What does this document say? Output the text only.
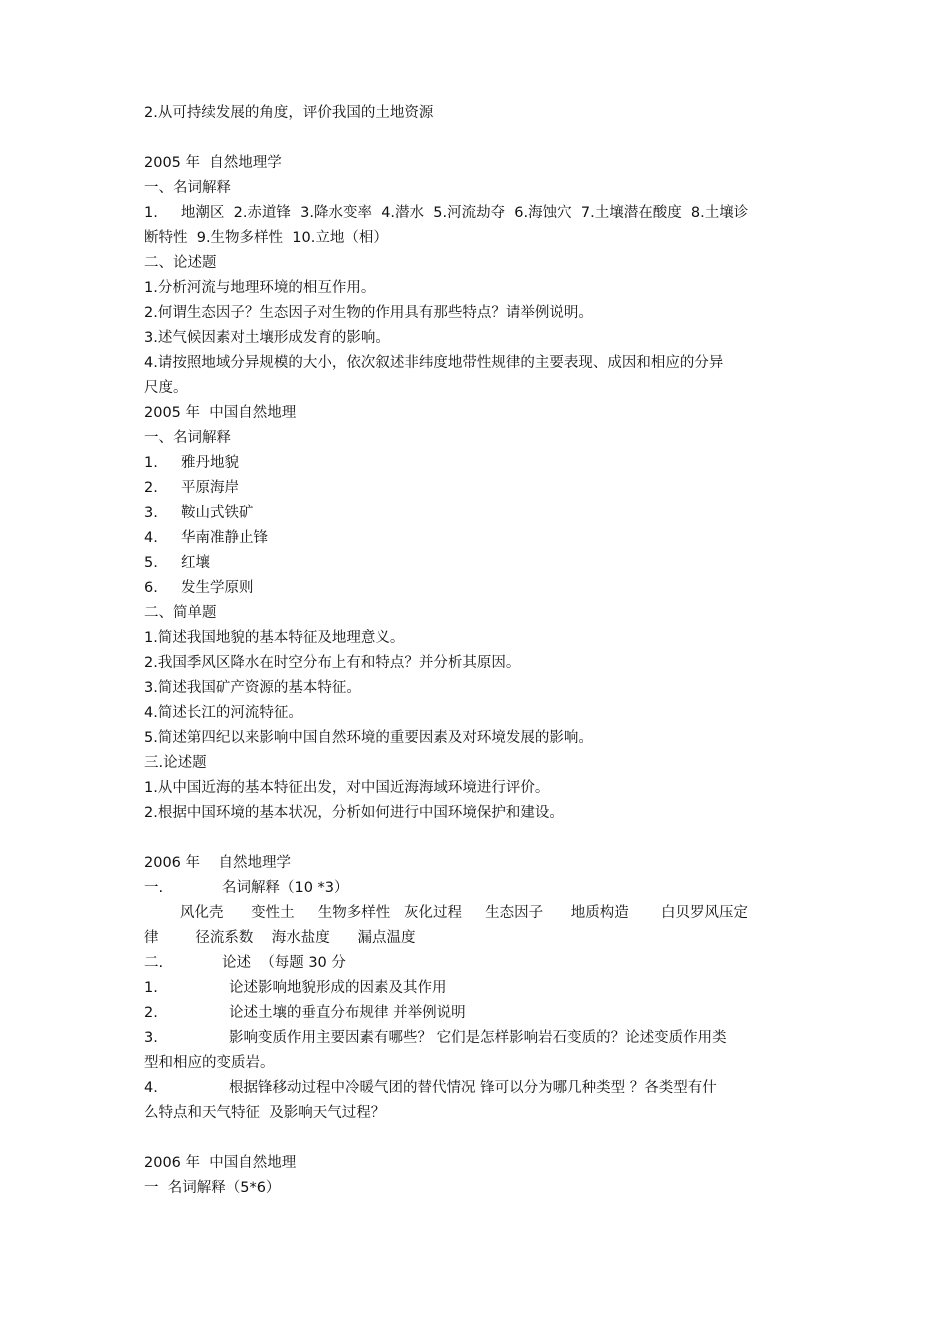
2.从可持续发展的角度，评价我国的土地资源

2005 年  自然地理学

一、名词解释

1.     地潮区  2.赤道锋  3.降水变率  4.潜水  5.河流劫夺  6.海蚀穴  7.土壤潜在酸度  8.土壤诊

断特性  9.生物多样性  10.立地（相）

二、论述题

1.分析河流与地理环境的相互作用。

2.何谓生态因子？生态因子对生物的作用具有那些特点？请举例说明。

3.述气候因素对土壤形成发育的影响。

4.请按照地域分异规模的大小，依次叙述非纬度地带性规律的主要表现、成因和相应的分异

尺度。

2005 年  中国自然地理

一、名词解释

1.	雅丹地貌
2.	平原海岸
3.	鞍山式铁矿
4.	华南准静止锋
5.	红壤
6.	发生学原则

二、简单题

1.简述我国地貌的基本特征及地理意义。

2.我国季风区降水在时空分布上有和特点？并分析其原因。

3.简述我国矿产资源的基本特征。

4.简述长江的河流特征。

5.简述第四纪以来影响中国自然环境的重要因素及对环境发展的影响。

三.论述题

1.从中国近海的基本特征出发，对中国近海海域环境进行评价。

2.根据中国环境的基本状况，分析如何进行中国环境保护和建设。

2006 年    自然地理学

一.	名词解释（10 *3）

风化壳      变性土     生物多样性   灰化过程     生态因子      地质构造       白贝罗风压定

律        径流系数    海水盐度      漏点温度

二.	论述  （每题 30 分

1.	论述影响地貌形成的因素及其作用
2.	论述土壤的垂直分布规律 并举例说明
3.	影响变质作用主要因素有哪些？ 它们是怎样影响岩石变质的？论述变质作用类

型和相应的变质岩。

4.	根据锋移动过程中冷暖气团的替代情况 锋可以分为哪几种类型 ？各类型有什

么特点和天气特征  及影响天气过程？

2006 年  中国自然地理

一  名词解释（5*6）
